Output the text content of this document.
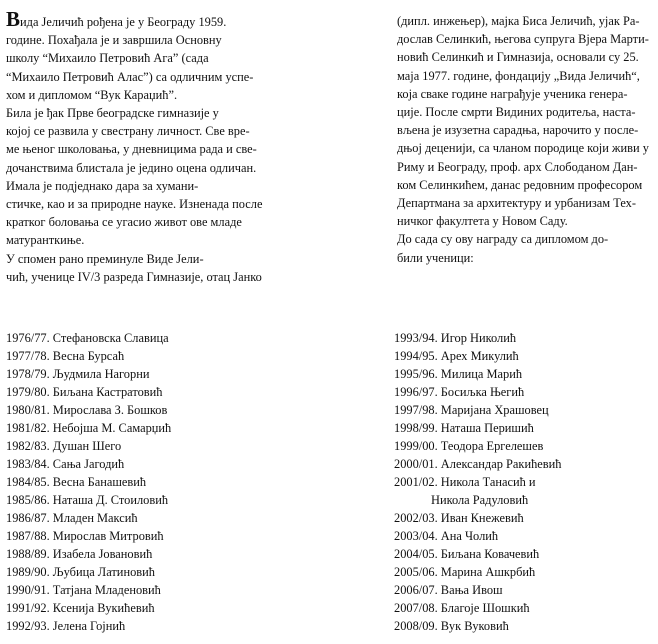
Вида Јеличић рођена је у Београду 1959.
године. Похађала је и завршила Основну
школу “Михаило Петровић Ага” (сада
“Михаило Петровић Алас”) са одличним успе-
хом и дипломом “Вук Караџић”.
Била је ђак Прве београдске гимназије у
којој се развила у свестрану личност. Све вре-
ме њеног школовања, у дневницима рада и све-
дочанствима блистала је једино оцена одличан.
Имала је подједнако дара за хумани-
стичке, као и за природне науке. Изненада после
кратког боловања се угасио живот ове младе
матуранткиње.
У спомен рано преминуле Виде Јели-
чић, ученице IV/3 разреда Гимназије, отац Јанко
(дипл. инжењер), мајка Биса Јеличић, ујак Ра-
дослав Селинкић, његова супруга Вјера Марти-
новић Селинкић и Гимназија, основали су 25.
маја 1977. године, фондацију „Вида Јеличић“,
која сваке године награђује ученика генера-
ције. После смрти Видиних родитеља, наста-
вљена је изузетна сарадња, нарочито у после-
дњој деценији, са чланом породице који живи у
Риму и Београду, проф. арх Слободаном Дан-
ком Селинкићем, данас редовним професором
Департмана за архитектуру и урбанизам Тех-
ничког факултета у Новом Саду.
До сада су ову награду са дипломом до-
били ученици:
1976/77. Стефановска Славица
1977/78. Весна Бурсаћ
1978/79. Људмила Нагорни
1979/80. Биљана Кастратовић
1980/81. Мирослава З. Бошков
1981/82. Небојша М. Самарџић
1982/83. Душан Шего
1983/84. Сања Јагодић
1984/85. Весна Банашевић
1985/86. Наташа Д. Стоиловић
1986/87. Младен Максић
1987/88. Мирослав Митровић
1988/89. Изабела Јовановић
1989/90. Љубица Латиновић
1990/91. Татјана Младеновић
1991/92. Ксенија Вукићевић
1992/93. Јелена Гојнић
1993/94. Игор Николић
1994/95. Арех Микулић
1995/96. Милица Марић
1996/97. Босиљка Његић
1997/98. Маријана Храшовец
1998/99. Наташа Перишић
1999/00. Теодора Ергелешев
2000/01. Александар Ракићевић
2001/02. Никола Танасић и
Никола Радуловић
2002/03. Иван Кнежевић
2003/04. Ана Чолић
2004/05. Биљана Ковачевић
2005/06. Марина Ашкрбић
2006/07. Вања Ивош
2007/08. Благоје Шошкић
2008/09. Вук Вуковић
